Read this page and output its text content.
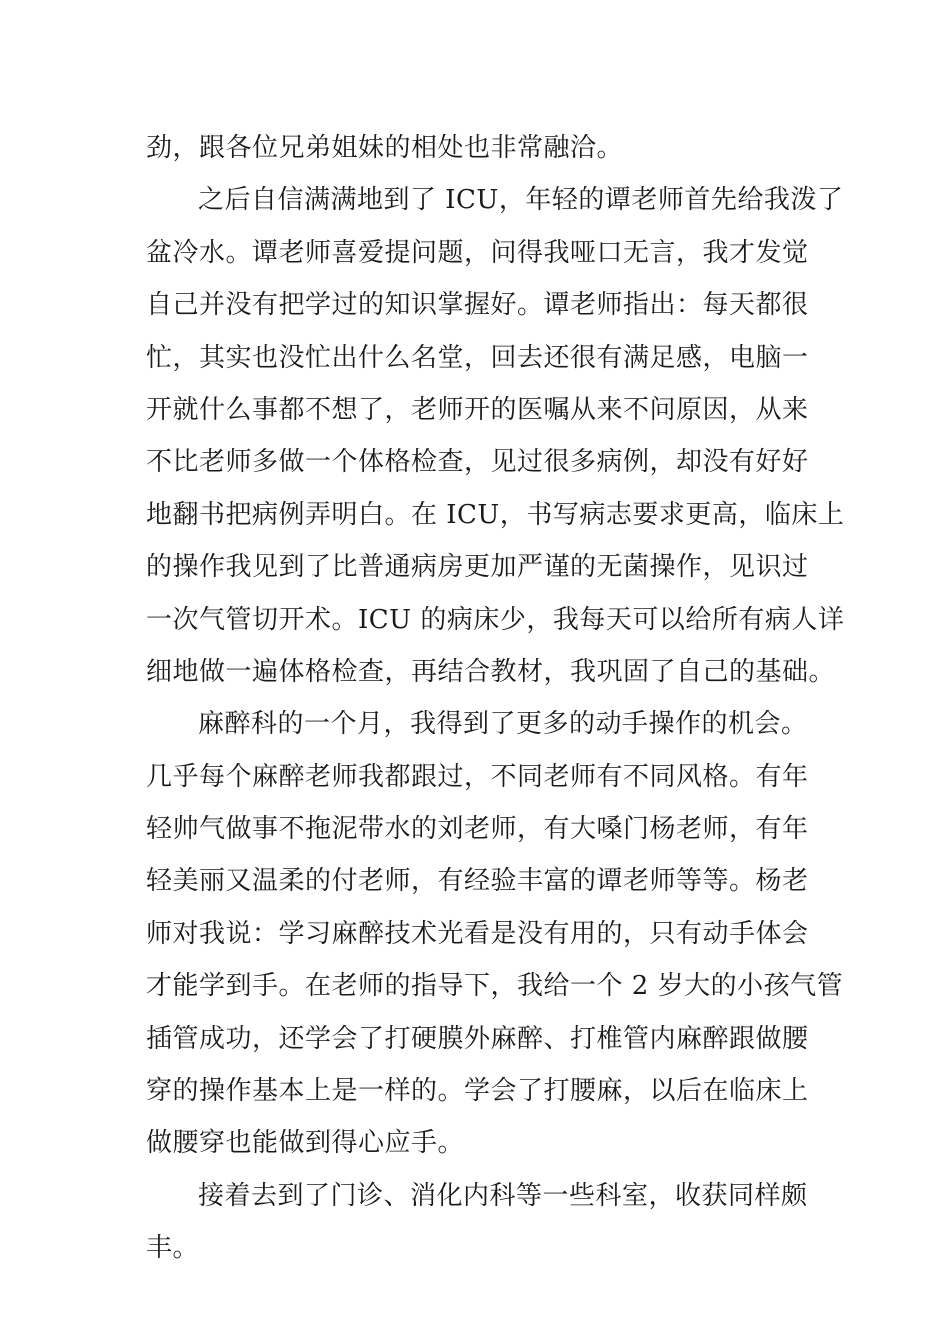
劲，跟各位兄弟姐妹的相处也非常融洽。
之后自信满满地到了 ICU，年轻的谭老师首先给我泼了
盆冷水。谭老师喜爱提问题，问得我哑口无言，我才发觉
自己并没有把学过的知识掌握好。谭老师指出：每天都很
忙，其实也没忙出什么名堂，回去还很有满足感，电脑一
开就什么事都不想了，老师开的医嘱从来不问原因，从来
不比老师多做一个体格检查，见过很多病例，却没有好好
地翻书把病例弄明白。在 ICU，书写病志要求更高，临床上
的操作我见到了比普通病房更加严谨的无菌操作，见识过
一次气管切开术。ICU 的病床少，我每天可以给所有病人详
细地做一遍体格检查，再结合教材，我巩固了自己的基础。
麻醉科的一个月，我得到了更多的动手操作的机会。
几乎每个麻醉老师我都跟过，不同老师有不同风格。有年
轻帅气做事不拖泥带水的刘老师，有大嗓门杨老师，有年
轻美丽又温柔的付老师，有经验丰富的谭老师等等。杨老
师对我说：学习麻醉技术光看是没有用的，只有动手体会
才能学到手。在老师的指导下，我给一个 2 岁大的小孩气管
插管成功，还学会了打硬膜外麻醉、打椎管内麻醉跟做腰
穿的操作基本上是一样的。学会了打腰麻，以后在临床上
做腰穿也能做到得心应手。
接着去到了门诊、消化内科等一些科室，收获同样颇
丰。
